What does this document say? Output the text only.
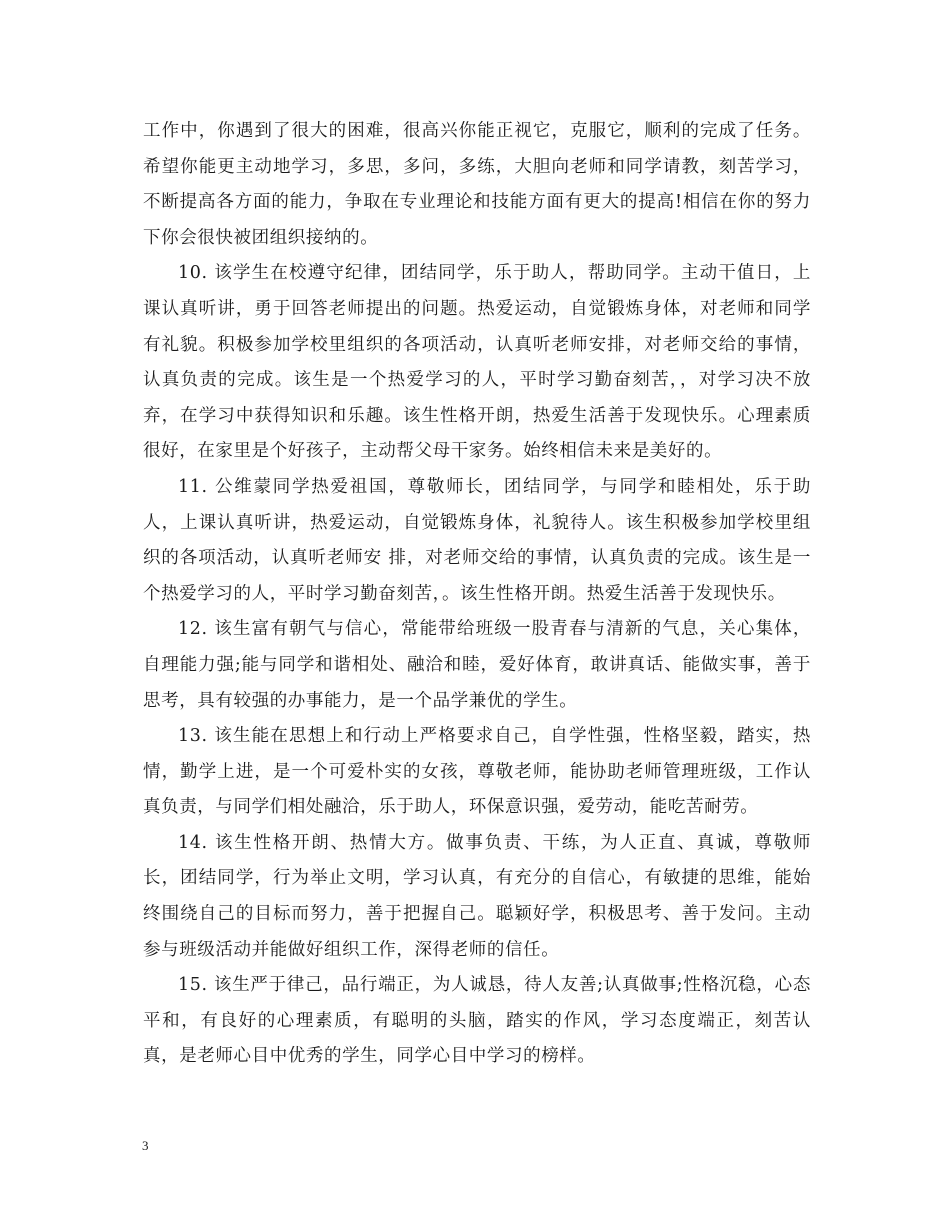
工作中，你遇到了很大的困难，很高兴你能正视它，克服它，顺利的完成了任务。希望你能更主动地学习，多思，多问，多练，大胆向老师和同学请教，刻苦学习，不断提高各方面的能力，争取在专业理论和技能方面有更大的提高!相信在你的努力下你会很快被团组织接纳的。

10. 该学生在校遵守纪律，团结同学，乐于助人，帮助同学。主动干值日，上课认真听讲，勇于回答老师提出的问题。热爱运动，自觉锻炼身体，对老师和同学有礼貌。积极参加学校里组织的各项活动，认真听老师安排，对老师交给的事情，认真负责的完成。该生是一个热爱学习的人，平时学习勤奋刻苦，，对学习决不放弃，在学习中获得知识和乐趣。该生性格开朗，热爱生活善于发现快乐。心理素质很好，在家里是个好孩子，主动帮父母干家务。始终相信未来是美好的。

11. 公维蒙同学热爱祖国，尊敬师长，团结同学，与同学和睦相处，乐于助人，上课认真听讲，热爱运动，自觉锻炼身体，礼貌待人。该生积极参加学校里组织的各项活动，认真听老师安 排，对老师交给的事情，认真负责的完成。该生是一个热爱学习的人，平时学习勤奋刻苦，。该生性格开朗。热爱生活善于发现快乐。

12. 该生富有朝气与信心，常能带给班级一股青春与清新的气息，关心集体，自理能力强;能与同学和谐相处、融洽和睦，爱好体育，敢讲真话、能做实事，善于思考，具有较强的办事能力，是一个品学兼优的学生。

13. 该生能在思想上和行动上严格要求自己，自学性强，性格坚毅，踏实，热情，勤学上进，是一个可爱朴实的女孩，尊敬老师，能协助老师管理班级，工作认真负责，与同学们相处融洽，乐于助人，环保意识强，爱劳动，能吃苦耐劳。

14. 该生性格开朗、热情大方。做事负责、干练，为人正直、真诚，尊敬师长，团结同学，行为举止文明，学习认真，有充分的自信心，有敏捷的思维，能始终围绕自己的目标而努力，善于把握自己。聪颖好学，积极思考、善于发问。主动参与班级活动并能做好组织工作，深得老师的信任。

15. 该生严于律己，品行端正，为人诚恳，待人友善;认真做事;性格沉稳，心态平和，有良好的心理素质，有聪明的头脑，踏实的作风，学习态度端正，刻苦认真，是老师心目中优秀的学生，同学心目中学习的榜样。

3
